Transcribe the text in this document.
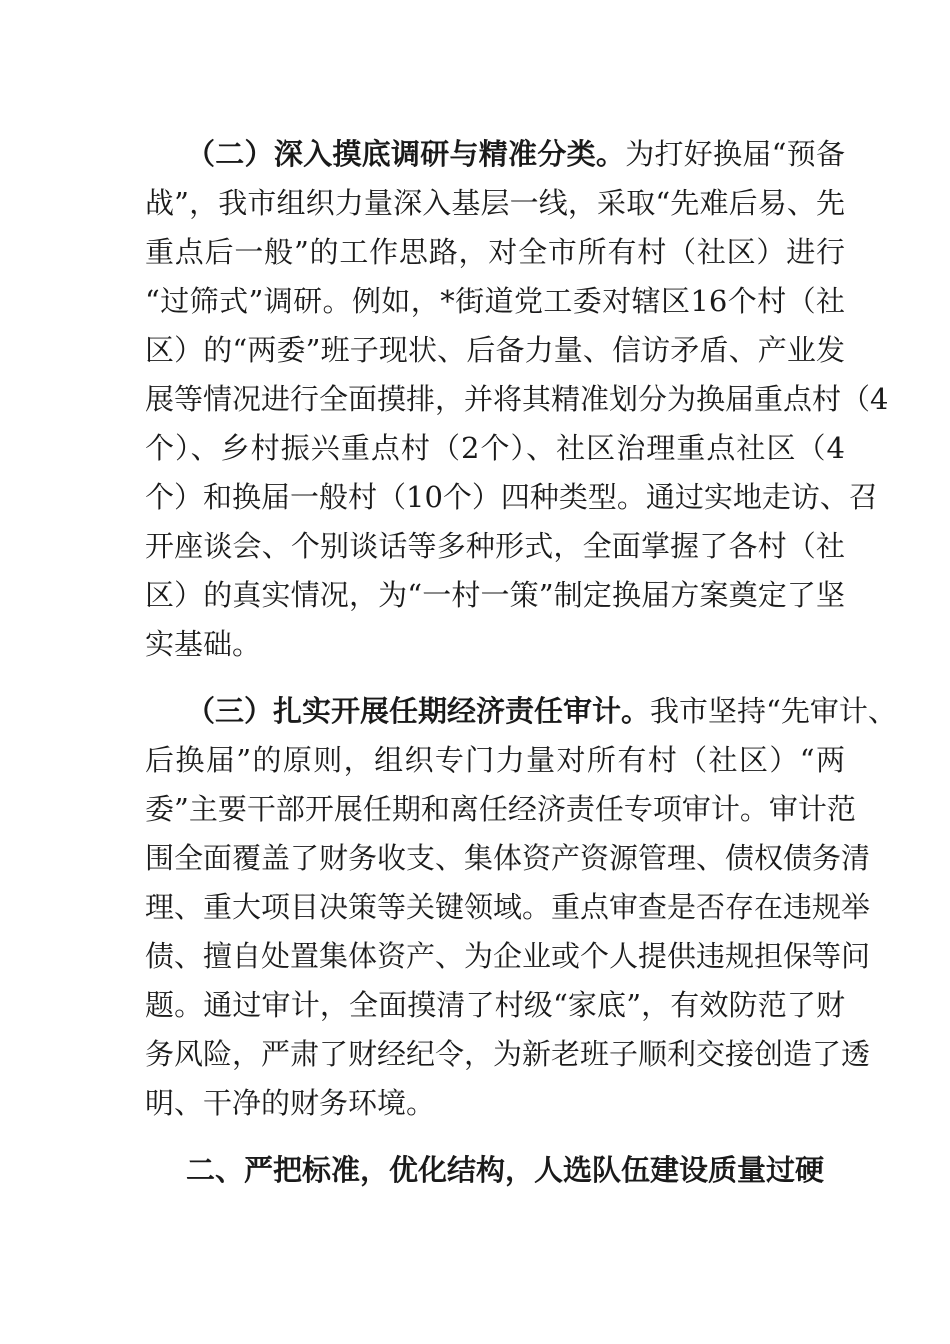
（二）深入摸底调研与精准分类。为打好换届“预备
战”，我市组织力量深入基层一线，采取“先难后易、先
重点后一般”的工作思路，对全市所有村（社区）进行
“过筛式”调研。例如，*街道党工委对辖区16个村（社
区）的“两委”班子现状、后备力量、信访矛盾、产业发
展等情况进行全面摸排，并将其精准划分为换届重点村（4
个）、乡村振兴重点村（2个）、社区治理重点社区（4
个）和换届一般村（10个）四种类型。通过实地走访、召
开座谈会、个别谈话等多种形式，全面掌握了各村（社
区）的真实情况，为“一村一策”制定换届方案奠定了坚
实基础。
（三）扎实开展任期经济责任审计。我市坚持“先审计、
后换届”的原则，组织专门力量对所有村（社区）“两
委”主要干部开展任期和离任经济责任专项审计。审计范
围全面覆盖了财务收支、集体资产资源管理、债权债务清
理、重大项目决策等关键领域。重点审查是否存在违规举
债、擅自处置集体资产、为企业或个人提供违规担保等问
题。通过审计，全面摸清了村级“家底”，有效防范了财
务风险，严肃了财经纪令，为新老班子顺利交接创造了透
明、干净的财务环境。
二、严把标准，优化结构，人选队伍建设质量过硬
